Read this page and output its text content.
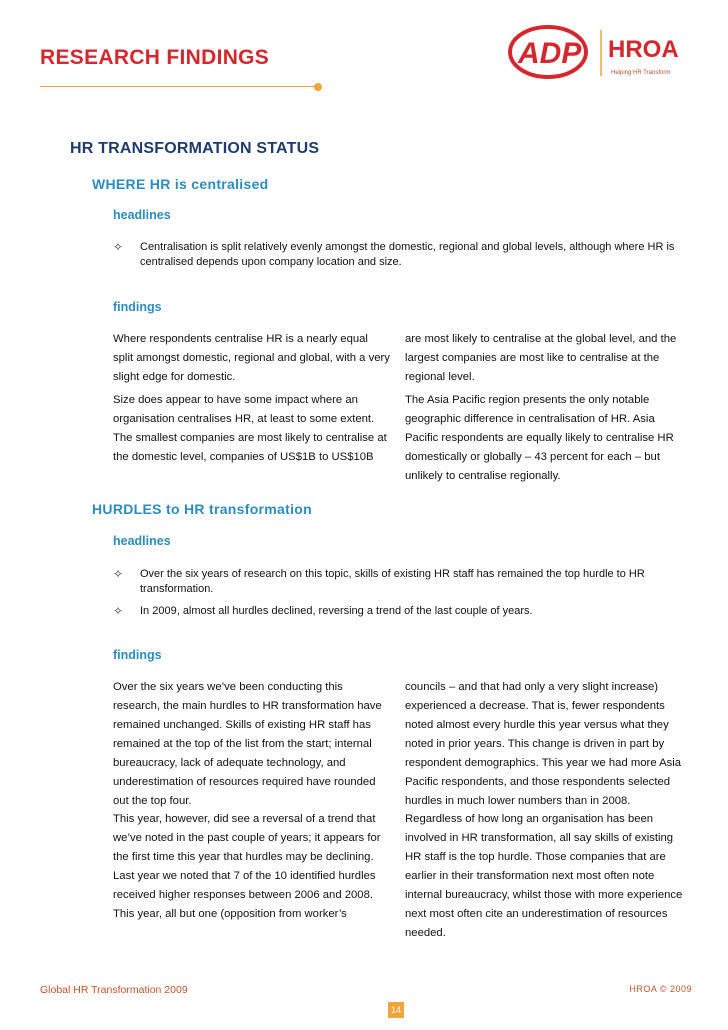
RESEARCH FINDINGS	ADP HROA
Helping HR Transform
HR TRANSFORMATION STATUS
WHERE HR is centralised

headlines

✧	Centralisation is split relatively evenly amongst the domestic, regional and global levels, although where HR is centralised depends upon company location and size.

findings

Where respondents centralise HR is a nearly equal split amongst domestic, regional and global, with a very slight edge for domestic.

Size does appear to have some impact where an organisation centralises HR, at least to some extent. The smallest companies are most likely to centralise at the domestic level, companies of US$1B to US$10B

are most likely to centralise at the global level, and the largest companies are most like to centralise at the regional level.

The Asia Pacific region presents the only notable geographic difference in centralisation of HR. Asia Pacific respondents are equally likely to centralise HR domestically or globally – 43 percent for each – but unlikely to centralise regionally.

HURDLES to HR transformation

headlines

✧	Over the six years of research on this topic, skills of existing HR staff has remained the top hurdle to HR transformation.
✧	In 2009, almost all hurdles declined, reversing a trend of the last couple of years.

findings

Over the six years we’ve been conducting this research, the main hurdles to HR transformation have remained unchanged. Skills of existing HR staff has remained at the top of the list from the start; internal bureaucracy, lack of adequate technology, and underestimation of resources required have rounded out the top four.

This year, however, did see a reversal of a trend that we’ve noted in the past couple of years; it appears for the first time this year that hurdles may be declining. Last year we noted that 7 of the 10 identified hurdles received higher responses between 2006 and 2008. This year, all but one (opposition from worker’s

councils – and that had only a very slight increase) experienced a decrease. That is, fewer respondents noted almost every hurdle this year versus what they noted in prior years. This change is driven in part by respondent demographics. This year we had more Asia Pacific respondents, and those respondents selected hurdles in much lower numbers than in 2008.

Regardless of how long an organisation has been involved in HR transformation, all say skills of existing HR staff is the top hurdle. Those companies that are earlier in their transformation next most often note internal bureaucracy, whilst those with more experience next most often cite an underestimation of resources needed.

Global HR Transformation 2009	HROA © 2009
14
